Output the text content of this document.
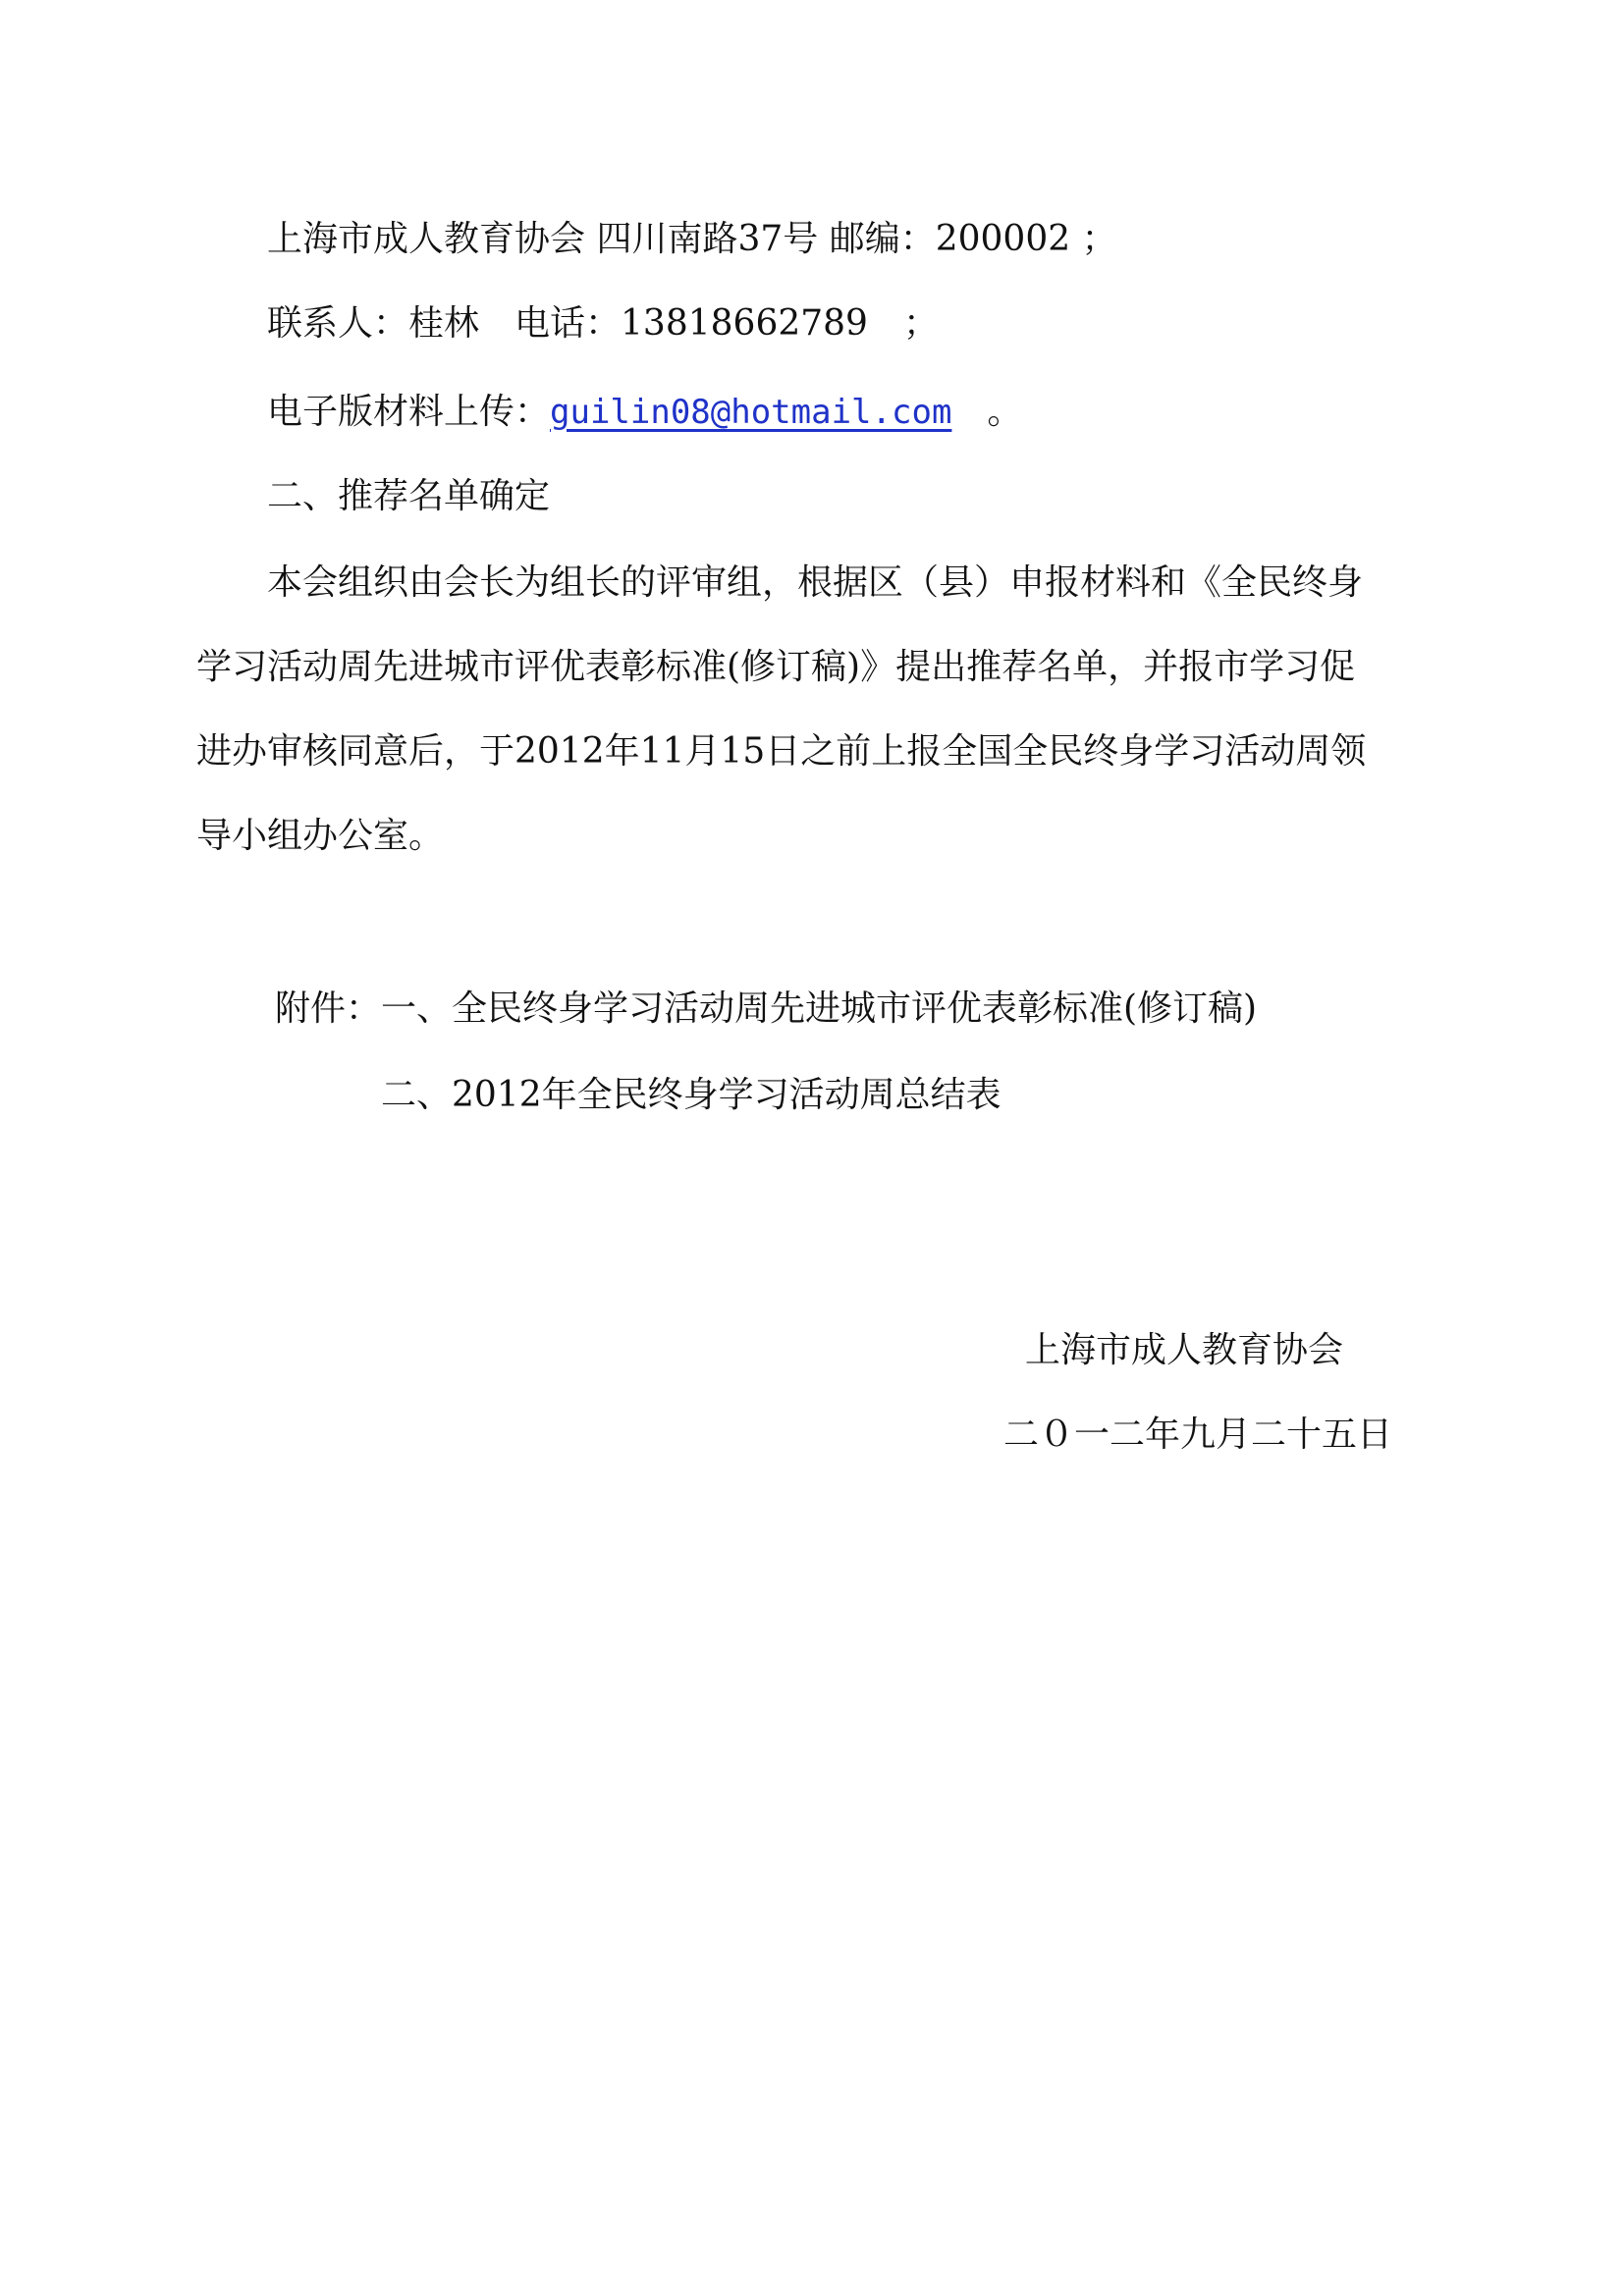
上海市成人教育协会 四川南路37号 邮编：200002 ；
联系人：桂林 电话：13818662789　；
电子版材料上传：guilin08@hotmail.com 。
二、推荐名单确定
本会组织由会长为组长的评审组，根据区（县）申报材料和《全民终身
学习活动周先进城市评优表彰标准(修订稿)》提出推荐名单，并报市学习促
进办审核同意后，于2012年11月15日之前上报全国全民终身学习活动周领
导小组办公室。
附件：一、全民终身学习活动周先进城市评优表彰标准(修订稿)
二、2012年全民终身学习活动周总结表
上海市成人教育协会
二０一二年九月二十五日
